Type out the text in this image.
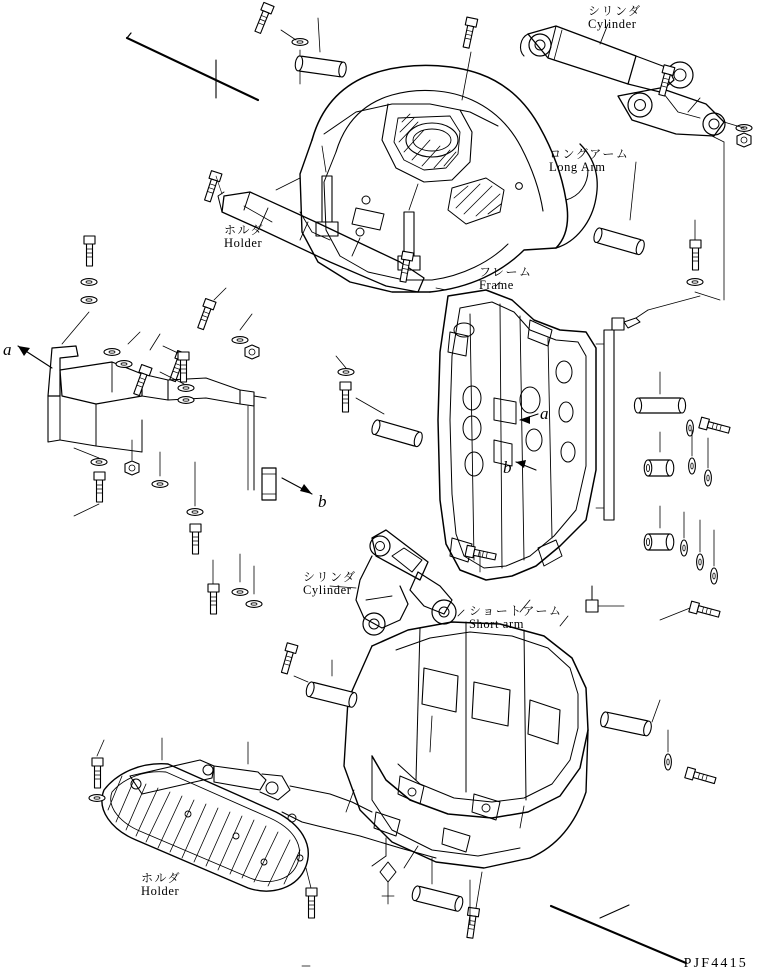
シリンダ
Cylinder
ロングアーム
Long Arm
ホルダ
Holder
フレーム
Frame
シリンダ
Cylinder
ショートアーム
Short arm
ホルダ
Holder
a
a
b
b
PJF4415
